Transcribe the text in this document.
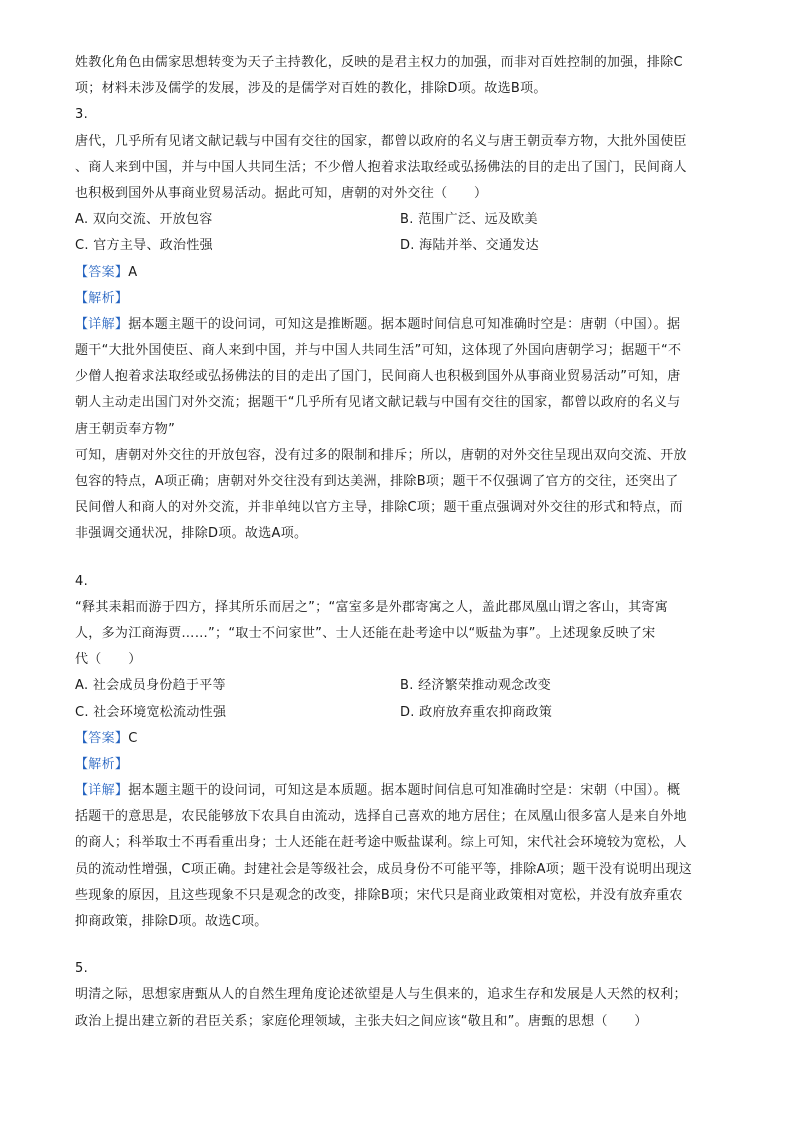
姓教化角色由儒家思想转变为天子主持教化，反映的是君主权力的加强，而非对百姓控制的加强，排除C
项；材料未涉及儒学的发展，涉及的是儒学对百姓的教化，排除D项。故选B项。
3.
唐代，几乎所有见诸文献记载与中国有交往的国家，都曾以政府的名义与唐王朝贡奉方物，大批外国使臣
、商人来到中国，并与中国人共同生活；不少僧人抱着求法取经或弘扬佛法的目的走出了国门，民间商人
也积极到国外从事商业贸易活动。据此可知，唐朝的对外交往（　　）
A. 双向交流、开放包容	B. 范围广泛、远及欧美
C. 官方主导、政治性强	D. 海陆并举、交通发达
【答案】A
【解析】
【详解】据本题主题干的设问词，可知这是推断题。据本题时间信息可知准确时空是：唐朝（中国）。据
题干“大批外国使臣、商人来到中国，并与中国人共同生活”可知，这体现了外国向唐朝学习；据题干“不
少僧人抱着求法取经或弘扬佛法的目的走出了国门，民间商人也积极到国外从事商业贸易活动”可知，唐
朝人主动走出国门对外交流；据题干“几乎所有见诸文献记载与中国有交往的国家，都曾以政府的名义与
唐王朝贡奉方物”
可知，唐朝对外交往的开放包容，没有过多的限制和排斥；所以，唐朝的对外交往呈现出双向交流、开放
包容的特点，A项正确；唐朝对外交往没有到达美洲，排除B项；题干不仅强调了官方的交往，还突出了
民间僧人和商人的对外交流，并非单纯以官方主导，排除C项；题干重点强调对外交往的形式和特点，而
非强调交通状况，排除D项。故选A项。
4.
“释其耒耜而游于四方，择其所乐而居之”；“富室多是外郡寄寓之人，盖此郡凤凰山谓之客山，其寄寓
人，多为江商海贾……”；“取士不问家世”、士人还能在赴考途中以“贩盐为事”。上述现象反映了宋
代（　　）
A. 社会成员身份趋于平等	B. 经济繁荣推动观念改变
C. 社会环境宽松流动性强	D. 政府放弃重农抑商政策
【答案】C
【解析】
【详解】据本题主题干的设问词，可知这是本质题。据本题时间信息可知准确时空是：宋朝（中国）。概
括题干的意思是，农民能够放下农具自由流动，选择自己喜欢的地方居住；在凤凰山很多富人是来自外地
的商人；科举取士不再看重出身；士人还能在赶考途中贩盐谋利。综上可知，宋代社会环境较为宽松，人
员的流动性增强，C项正确。封建社会是等级社会，成员身份不可能平等，排除A项；题干没有说明出现这
些现象的原因，且这些现象不只是观念的改变，排除B项；宋代只是商业政策相对宽松，并没有放弃重农
抑商政策，排除D项。故选C项。
5.
明清之际，思想家唐甄从人的自然生理角度论述欲望是人与生俱来的，追求生存和发展是人天然的权利；
政治上提出建立新的君臣关系；家庭伦理领域，主张夫妇之间应该“敬且和”。唐甄的思想（　　）
